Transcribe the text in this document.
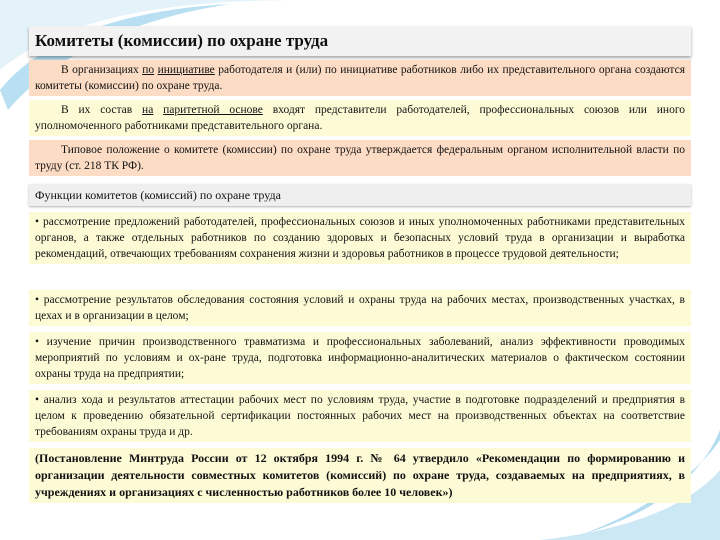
Комитеты (комиссии) по охране труда
В организациях по инициативе работодателя и (или) по инициативе работников либо их представительного органа создаются комитеты (комиссии) по охране труда.
В их состав на паритетной основе входят представители работодателей, профессиональных союзов или иного уполномоченного работниками представительного органа.
Типовое положение о комитете (комиссии) по охране труда утверждается федеральным органом исполнительной власти по труду (ст. 218 ТК РФ).
Функции комитетов (комиссий) по охране труда
• рассмотрение предложений работодателей, профессиональных союзов и иных уполномоченных работниками представительных органов, а также отдельных работников по созданию здоровых и безопасных условий труда в организации и выработка рекомендаций, отвечающих требованиям сохранения жизни и здоровья работников в процессе трудовой деятельности;
• рассмотрение результатов обследования состояния условий и охраны труда на рабочих местах, производственных участках, в цехах и в организации в целом;
• изучение причин производственного травматизма и профессиональных заболеваний, анализ эффективности проводимых мероприятий по условиям и ох-ране труда, подготовка информационно-аналитических материалов о фактическом состоянии охраны труда на предприятии;
• анализ хода и результатов аттестации рабочих мест по условиям труда, участие в подготовке подразделений и предприятия в целом к проведению обязательной сертификации постоянных рабочих мест на производственных объектах на соответствие требованиям охраны труда и др.
(Постановление Минтруда России от 12 октября 1994 г. № 64 утвердило «Рекомендации по формированию и организации деятельности совместных комитетов (комиссий) по охране труда, создаваемых на предприятиях, в учреждениях и организациях с численностью работников более 10 человек»)
